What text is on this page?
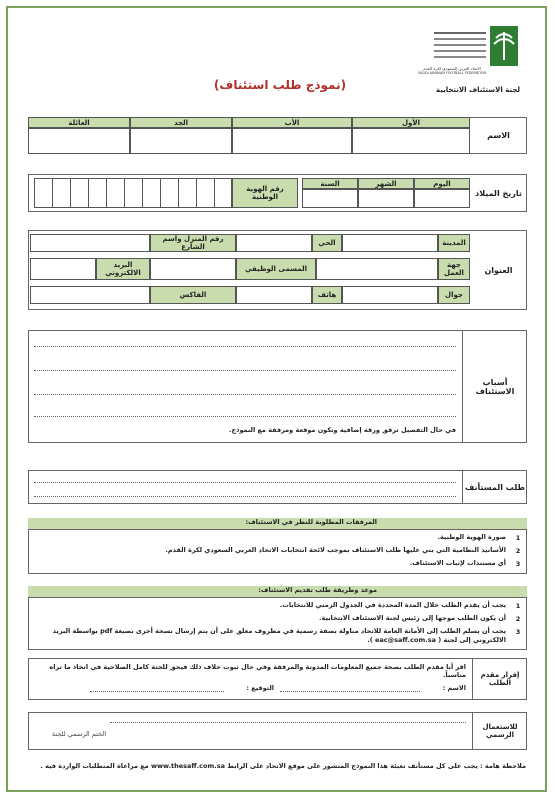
الاتحاد العربي السعودي لكرة القدم
SAUDI ARABIAN FOOTBALL FEDERATION
لجنة الاستئناف الانتخابية
(نموذج طلب استئناف)
الاسم
الأول
الأب
الجد
العائلة
تاريخ الميلاد
اليوم
الشهر
السنة
رقم الهوية الوطنية
العنوان
المدينة
الحي
رقم المنزل واسم الشارع
جهة العمل
المسمى الوظيفي
البريد الالكتروني
جوال
هاتف
الفاكس
أسباب الاستئناف
في حال التفصيل ترفق ورقة إضافية وتكون موقعة ومرفقة مع النموذج.
طلب المستأنف
المرفقات المطلوبة للنظر في الاستئناف:
1
صورة الهوية الوطنية.
2
الأسانيد النظامية التي بني عليها طلب الاستئناف بموجب لائحة انتخابات الاتحاد العربي السعودي لكرة القدم.
3
أي مستندات لإثبات الاستئناف.
موعد وطريقة طلب تقديم الاستئناف:
1
يجب أن يقدم الطلب خلال المدة المحددة في الجدول الزمني للانتخابات.
2
أن يكون الطلب موجها إلى رئيس لجنة الاستئناف الانتخابية.
3
يجب أن يسلم الطلب إلى الأمانة العامة للاتحاد مناولة بصفة رسمية في مظروف مغلق على أن يتم إرسال نسخة أخرى بصيغة pdf بواسطة البريد الالكتروني إلى لجنة ( eac@saff.com.sa ).
إقرار مقدم الطلب
اقر أنا مقدم الطلب بصحة جميع المعلومات المدونة والمرفقة وفي حال ثبوت خلاف ذلك فيحق للجنة كامل الصلاحية في اتخاذ ما تراه مناسباً.
الاسم :
التوقيع :
للاستعمال الرسمي
الختم الرسمي للجنة
ملاحظة هامة : يجب على كل مستأنف تعبئة هذا النموذج المنشور على موقع الاتحاد على الرابط www.thesaff.com.sa مع مراعاة المتطلبات الواردة فيه .
